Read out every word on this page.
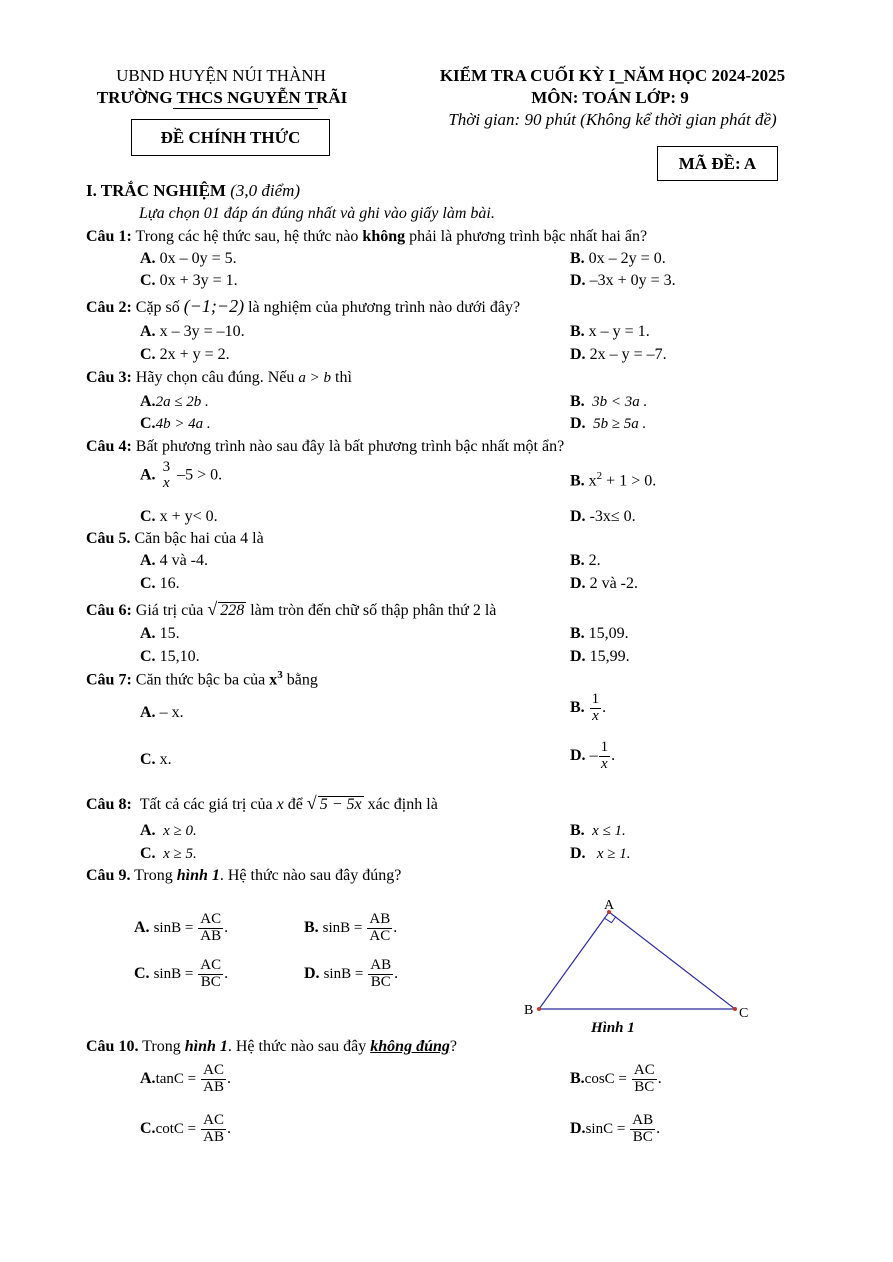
UBND HUYỆN NÚI THÀNH
TRƯỜNG THCS NGUYỄN TRÃI
ĐỀ CHÍNH THỨC
KIỂM TRA CUỐI KỲ I_NĂM HỌC 2024-2025
MÔN: TOÁN LỚP: 9
Thời gian: 90 phút (Không kể thời gian phát đề)
MÃ ĐỀ: A
I. TRẮC NGHIỆM (3,0 điểm)
Lựa chọn 01 đáp án đúng nhất và ghi vào giấy làm bài.
Câu 1: Trong các hệ thức sau, hệ thức nào không phải là phương trình bậc nhất hai ẩn?
A. 0x – 0y = 5.	B. 0x – 2y = 0.
C. 0x + 3y = 1.	D. –3x + 0y = 3.
Câu 2: Cặp số (−1;−2) là nghiệm của phương trình nào dưới đây?
A. x – 3y = –10.	B. x – y = 1.
C. 2x + y = 2.	D. 2x – y = –7.
Câu 3: Hãy chọn câu đúng. Nếu a > b thì
A.2a ≤ 2b .	B. 3b < 3a .
C.4b > 4a .	D. 5b ≥ 5a .
Câu 4: Bất phương trình nào sau đây là bất phương trình bậc nhất một ẩn?
A. 3
x –5 > 0.	B. $x^2 + 1 > 0$.
C. x + y< 0.	D. -3x≤ 0.
Câu 5. Căn bậc hai của 4 là
A. 4 và -4.	B. 2.
C. 16.	D. 2 và -2.
Câu 6: Giá trị của √ 228 làm tròn đến chữ số thập phân thứ 2 là
A. 15.	B. 15,09.
C. 15,10.	D. 15,99.
Câu 7: Căn thức bậc ba của $x^3$ bằng
A. – x.	B. $\frac{1}{x}$ .
C. x.	D. – $\frac{1}{x}$ .
Câu 8: Tất cả các giá trị của x để √ 5 − 5x xác định là
A. x ≥ 0.	B. x ≤ 1.
C. x ≥ 5.	D. x ≥ 1.
Câu 9. Trong hình 1. Hệ thức nào sau đây đúng?
A. $\sin B = \frac{AC}{AB}$ .	B. $\sin B = \frac{AB}{AC}$ .
C. $\sin B = \frac{AC}{BC}$ .	D. $\sin B = \frac{AB}{BC}$ .
A
B	C
Hình 1
Câu 10. Trong hình 1. Hệ thức nào sau đây không đúng?
$A.\tan C = \frac{AC}{AB}$ .	$B.\cos C = \frac{AC}{BC}$ .
$C.\cot C = \frac{AC}{AB}$ .	$D.\sin C = \frac{AB}{BC}$ .
